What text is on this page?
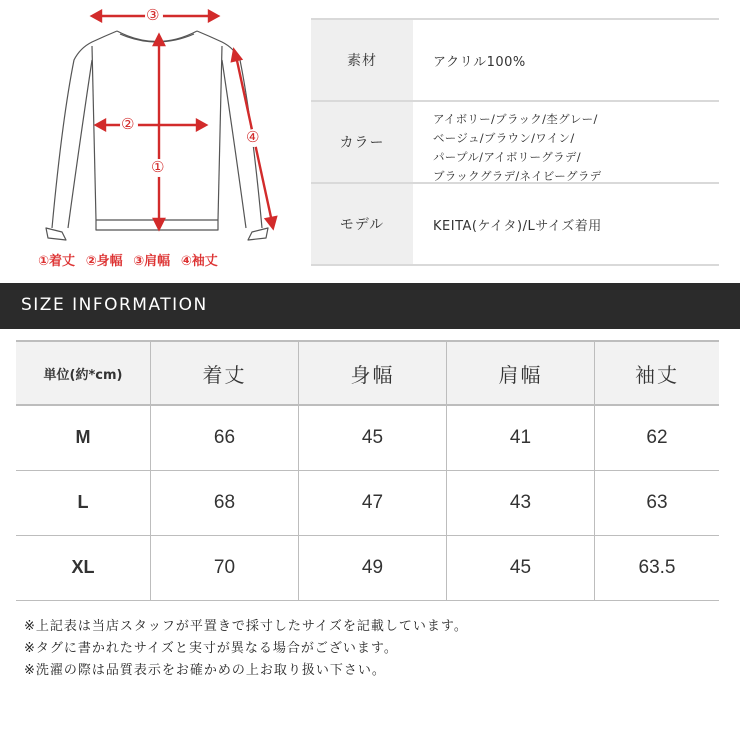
③
①
②
④
①着丈 ②身幅 ③肩幅 ④袖丈
素材	アクリル100%
カラー
アイボリー/ブラック/杢グレー/
ベージュ/ブラウン/ワイン/
パープル/アイボリーグラデ/
ブラックグラデ/ネイビーグラデ
モデル	KEITA(ケイタ)/Lサイズ着用
SIZE INFORMATION
単位(約*cm)	着丈	身幅	肩幅	袖丈
M	66	45	41	62
L	68	47	43	63
XL	70	49	45	63.5
※上記表は当店スタッフが平置きで採寸したサイズを記載しています。
※タグに書かれたサイズと実寸が異なる場合がございます。
※洗濯の際は品質表示をお確かめの上お取り扱い下さい。
